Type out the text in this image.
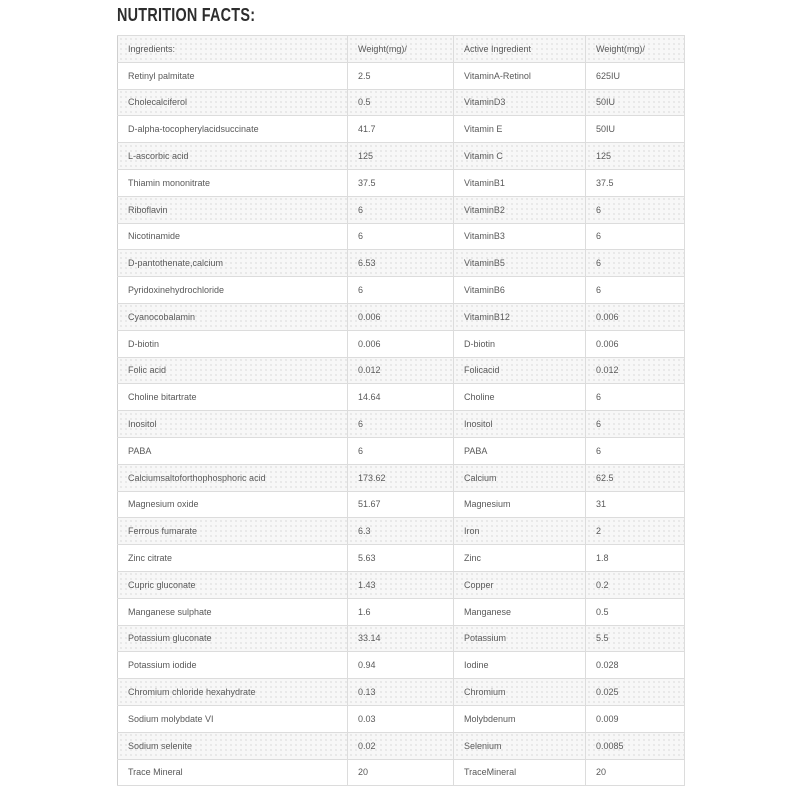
NUTRITION FACTS:
Ingredients:	Weight(mg)/	Active Ingredient	Weight(mg)/
Retinyl palmitate	2.5	VitaminA-Retinol	625IU
Cholecalciferol	0.5	VitaminD3	50IU
D-alpha-tocopherylacidsuccinate	41.7	Vitamin E	50IU
L-ascorbic acid	125	Vitamin C	125
Thiamin mononitrate	37.5	VitaminB1	37.5
Riboflavin	6	VitaminB2	6
Nicotinamide	6	VitaminB3	6
D-pantothenate,calcium	6.53	VitaminB5	6
Pyridoxinehydrochloride	6	VitaminB6	6
Cyanocobalamin	0.006	VitaminB12	0.006
D-biotin	0.006	D-biotin	0.006
Folic acid	0.012	Folicacid	0.012
Choline bitartrate	14.64	Choline	6
Inositol	6	Inositol	6
PABA	6	PABA	6
Calciumsaltoforthophosphoric acid	173.62	Calcium	62.5
Magnesium oxide	51.67	Magnesium	31
Ferrous fumarate	6.3	Iron	2
Zinc citrate	5.63	Zinc	1.8
Cupric gluconate	1.43	Copper	0.2
Manganese sulphate	1.6	Manganese	0.5
Potassium gluconate	33.14	Potassium	5.5
Potassium iodide	0.94	Iodine	0.028
Chromium chloride hexahydrate	0.13	Chromium	0.025
Sodium molybdate VI	0.03	Molybdenum	0.009
Sodium selenite	0.02	Selenium	0.0085
Trace Mineral	20	TraceMineral	20
